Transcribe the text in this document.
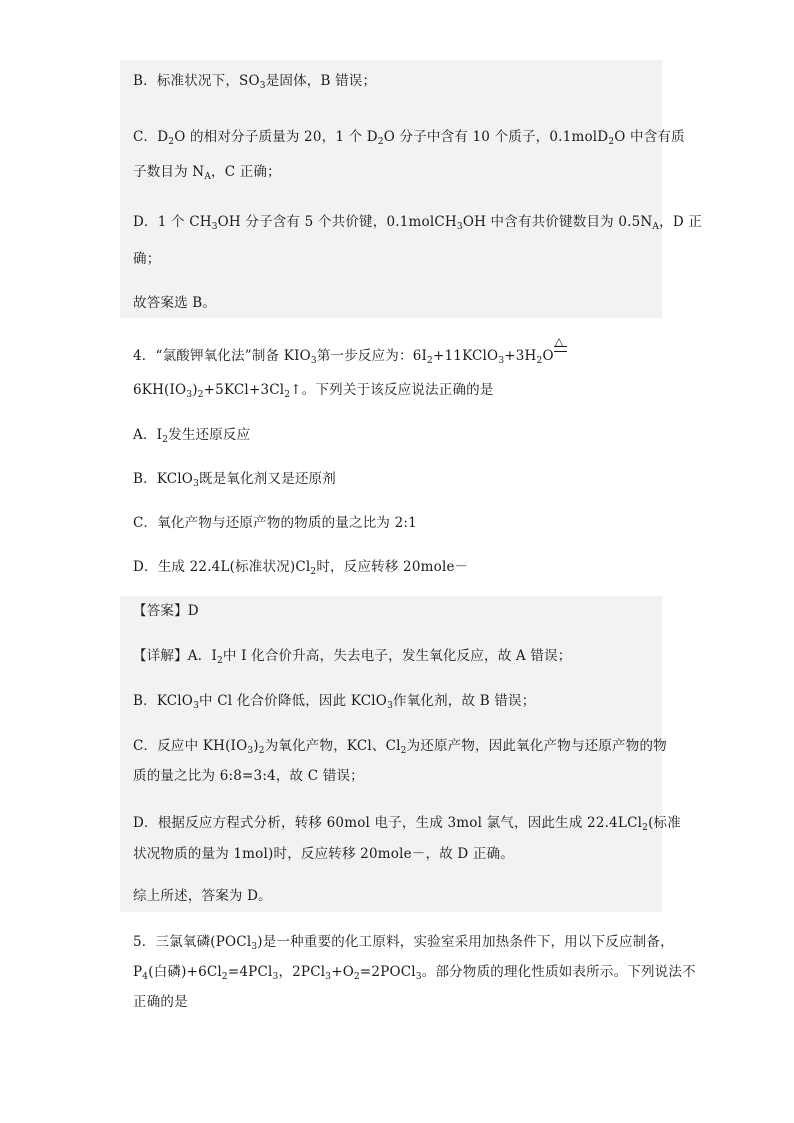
B．标准状况下，$SO_3$是固体，B 错误；
C．$D_2O$ 的相对分子质量为 20，1 个 $D_2O$ 分子中含有 10 个质子，0.1molD$_2$O 中含有质
子数目为 $N_A$，C 正确；
D．1 个 $CH_3OH$ 分子含有 5 个共价键，0.1molCH$_3$OH 中含有共价键数目为 $0.5N_A$，D 正
确；
故答案选 B。
4．“氯酸钾氧化法”制备 $KIO_3$第一步反应为：$6I_2+11KClO_3+3H_2O$
△
$6KH(IO_3)_2+5KCl+3Cl_2↑$。下列关于该反应说法正确的是
A．$I_2$发生还原反应
B．KClO$_3$既是氧化剂又是还原剂
C．氧化产物与还原产物的物质的量之比为 2:1
D．生成 22.4L(标准状况)$Cl_2$时，反应转移 20mole－
【答案】D
【详解】A．$I_2$中 I 化合价升高，失去电子，发生氧化反应，故 A 错误；
B．KClO$_3$中 Cl 化合价降低，因此 KClO$_3$作氧化剂，故 B 错误；
C．反应中 $KH(IO_3)_2$为氧化产物，KCl、$Cl_2$为还原产物，因此氧化产物与还原产物的物
质的量之比为 6:8=3:4，故 C 错误；
D．根据反应方程式分析，转移 60mol 电子，生成 3mol 氯气，因此生成 22.4LCl$_2$(标准
状况物质的量为 1mol)时，反应转移 20mole－，故 D 正确。
综上所述，答案为 D。
5．三氯氧磷(POCl$_3$)是一种重要的化工原料，实验室采用加热条件下，用以下反应制备，
$P_4$(白磷)$+6Cl_2=4PCl_3$，$2PCl_3+O_2=2POCl_3$。部分物质的理化性质如表所示。下列说法不
正确的是
